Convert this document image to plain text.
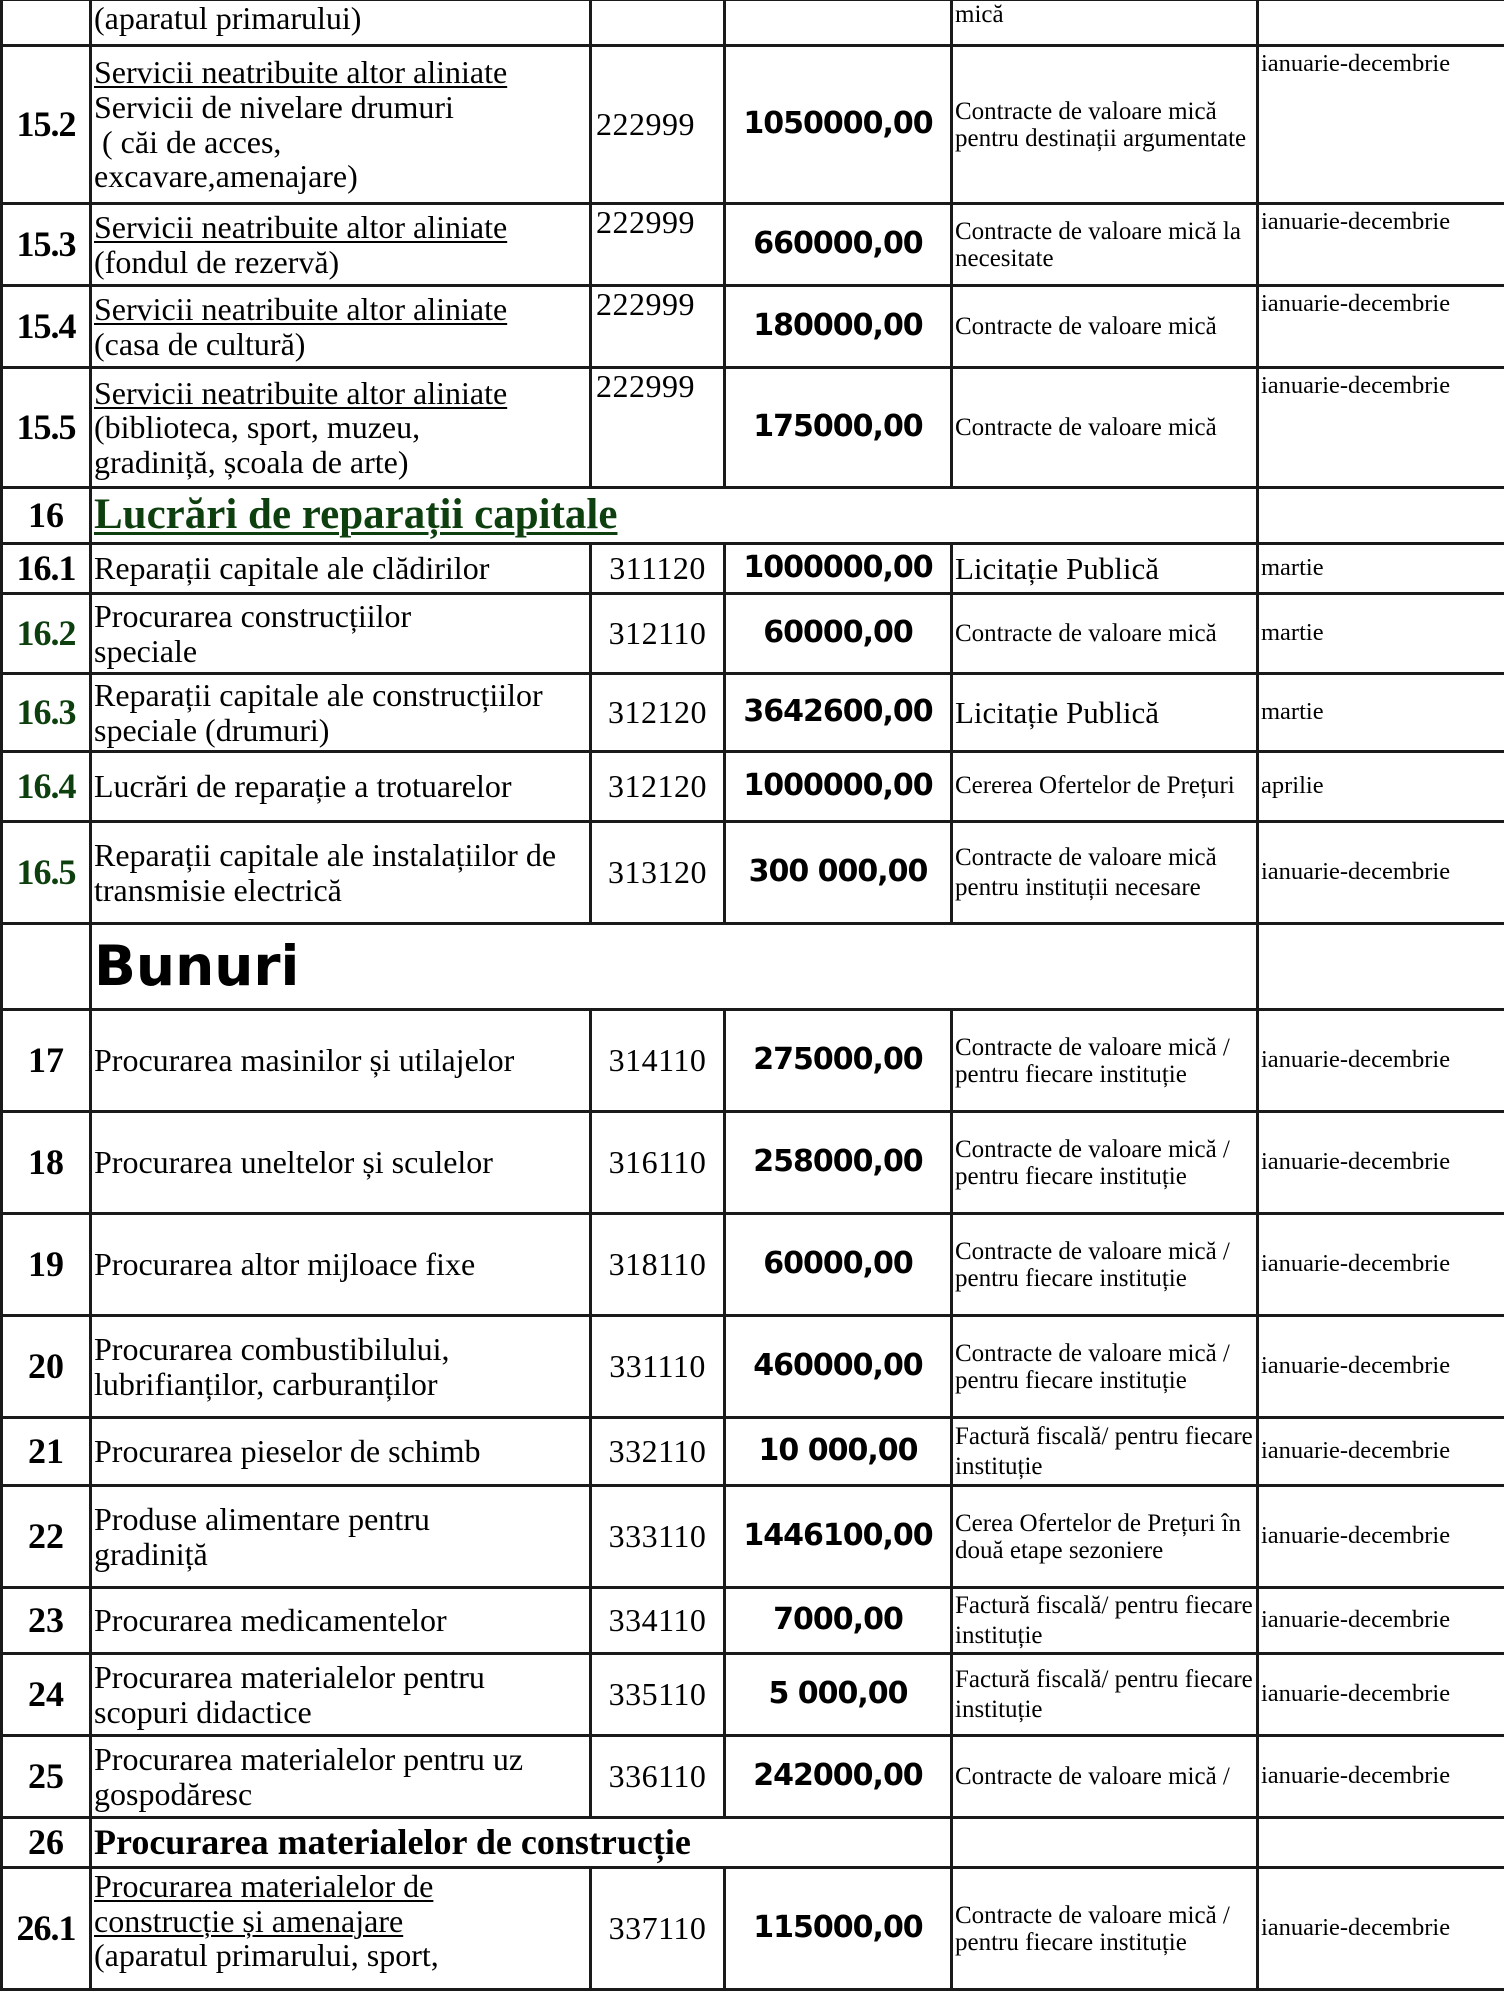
	(aparatul primarului)			mică	
15.2	Servicii neatribuite altor aliniate
Servicii de nivelare drumuri
( căi de acces,
excavare,amenajare)	222999	1050000,00	Contracte de valoare mică pentru destinații argumentate	ianuarie-decembrie
15.3	Servicii neatribuite altor aliniate
(fondul de rezervă)	222999	660000,00	Contracte de valoare mică la necesitate	ianuarie-decembrie
15.4	Servicii neatribuite altor aliniate
(casa de cultură)	222999	180000,00	Contracte de valoare mică	ianuarie-decembrie
15.5	Servicii neatribuite altor aliniate
(biblioteca, sport, muzeu,
gradiniță, școala de arte)	222999	175000,00	Contracte de valoare mică	ianuarie-decembrie
16	Lucrări de reparații capitale				
16.1	Reparații capitale ale clădirilor	311120	1000000,00	Licitație Publică	martie
16.2	Procurarea construcțiilor speciale	312110	60000,00	Contracte de valoare mică	martie
16.3	Reparații capitale ale construcțiilor speciale (drumuri)	312120	3642600,00	Licitație Publică	martie
16.4	Lucrări de reparație a trotuarelor	312120	1000000,00	Cererea Ofertelor de Prețuri	aprilie
16.5	Reparații capitale ale instalațiilor de transmisie electrică	313120	300 000,00	Contracte de valoare mică pentru instituții necesare	ianuarie-decembrie
	Bunuri				
17	Procurarea masinilor și utilajelor	314110	275000,00	Contracte de valoare mică / pentru fiecare instituție	ianuarie-decembrie
18	Procurarea uneltelor și sculelor	316110	258000,00	Contracte de valoare mică / pentru fiecare instituție	ianuarie-decembrie
19	Procurarea altor mijloace fixe	318110	60000,00	Contracte de valoare mică / pentru fiecare instituție	ianuarie-decembrie
20	Procurarea combustibilului, lubrifianților, carburanților	331110	460000,00	Contracte de valoare mică / pentru fiecare instituție	ianuarie-decembrie
21	Procurarea pieselor de schimb	332110	10 000,00	Factură fiscală/ pentru fiecare instituție	ianuarie-decembrie
22	Produse alimentare pentru gradiniță	333110	1446100,00	Cerea Ofertelor de Prețuri în două etape sezoniere	ianuarie-decembrie
23	Procurarea medicamentelor	334110	7000,00	Factură fiscală/ pentru fiecare instituție	ianuarie-decembrie
24	Procurarea materialelor pentru scopuri didactice	335110	5 000,00	Factură fiscală/ pentru fiecare instituție	ianuarie-decembrie
25	Procurarea materialelor pentru uz gospodăresc	336110	242000,00	Contracte de valoare mică /	ianuarie-decembrie
26	Procurarea materialelor de construcție				
26.1	Procurarea materialelor de construcție și amenajare
(aparatul primarului, sport,	337110	115000,00	Contracte de valoare mică / pentru fiecare instituție	ianuarie-decembrie
